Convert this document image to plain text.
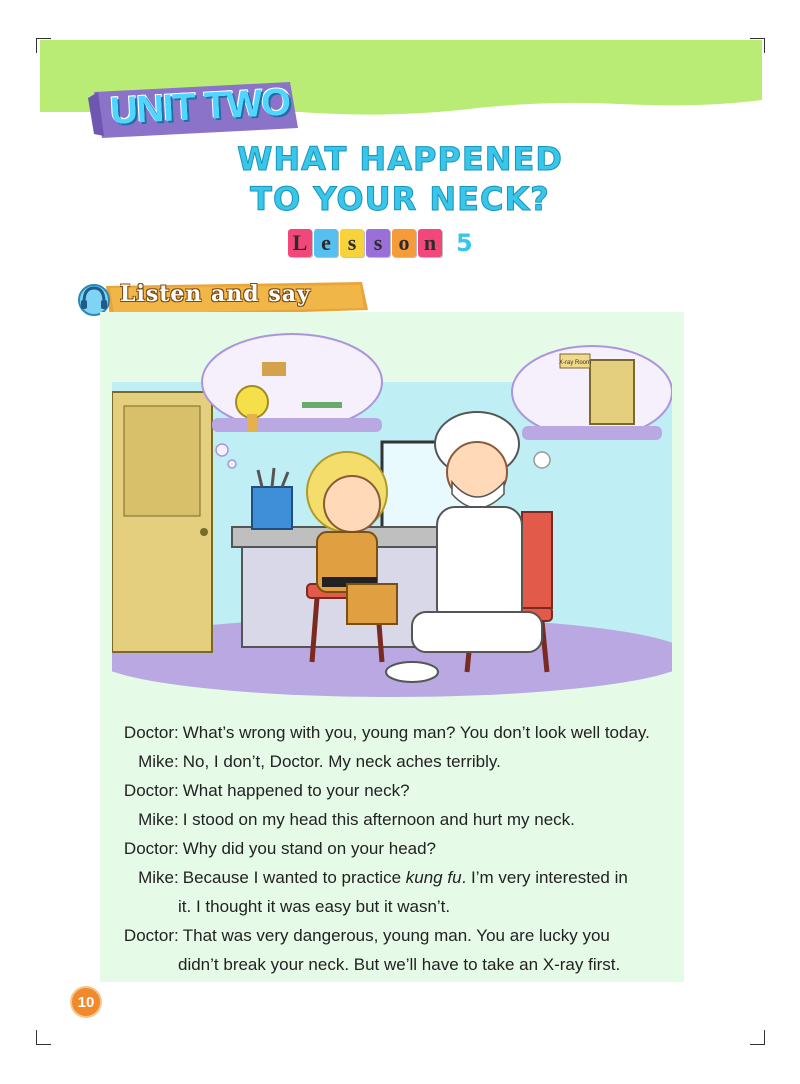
UNIT TWO
WHAT HAPPENED
TO YOUR NECK?
L e s s o n 5
Listen and say
X-ray Room
Doctor :
What’s wrong with you, young man? You don’t look well today.
Mike :
No, I don’t, Doctor. My neck aches terribly.
Doctor :
What happened to your neck?
Mike :
I stood on my head this afternoon and hurt my neck.
Doctor :
Why did you stand on your head?
Mike :
Because I wanted to practice kung fu. I’m very interested in
it. I thought it was easy but it wasn’t.
Doctor :
That was very dangerous, young man. You are lucky you
didn’t break your neck. But we’ll have to take an X-ray first.
10
